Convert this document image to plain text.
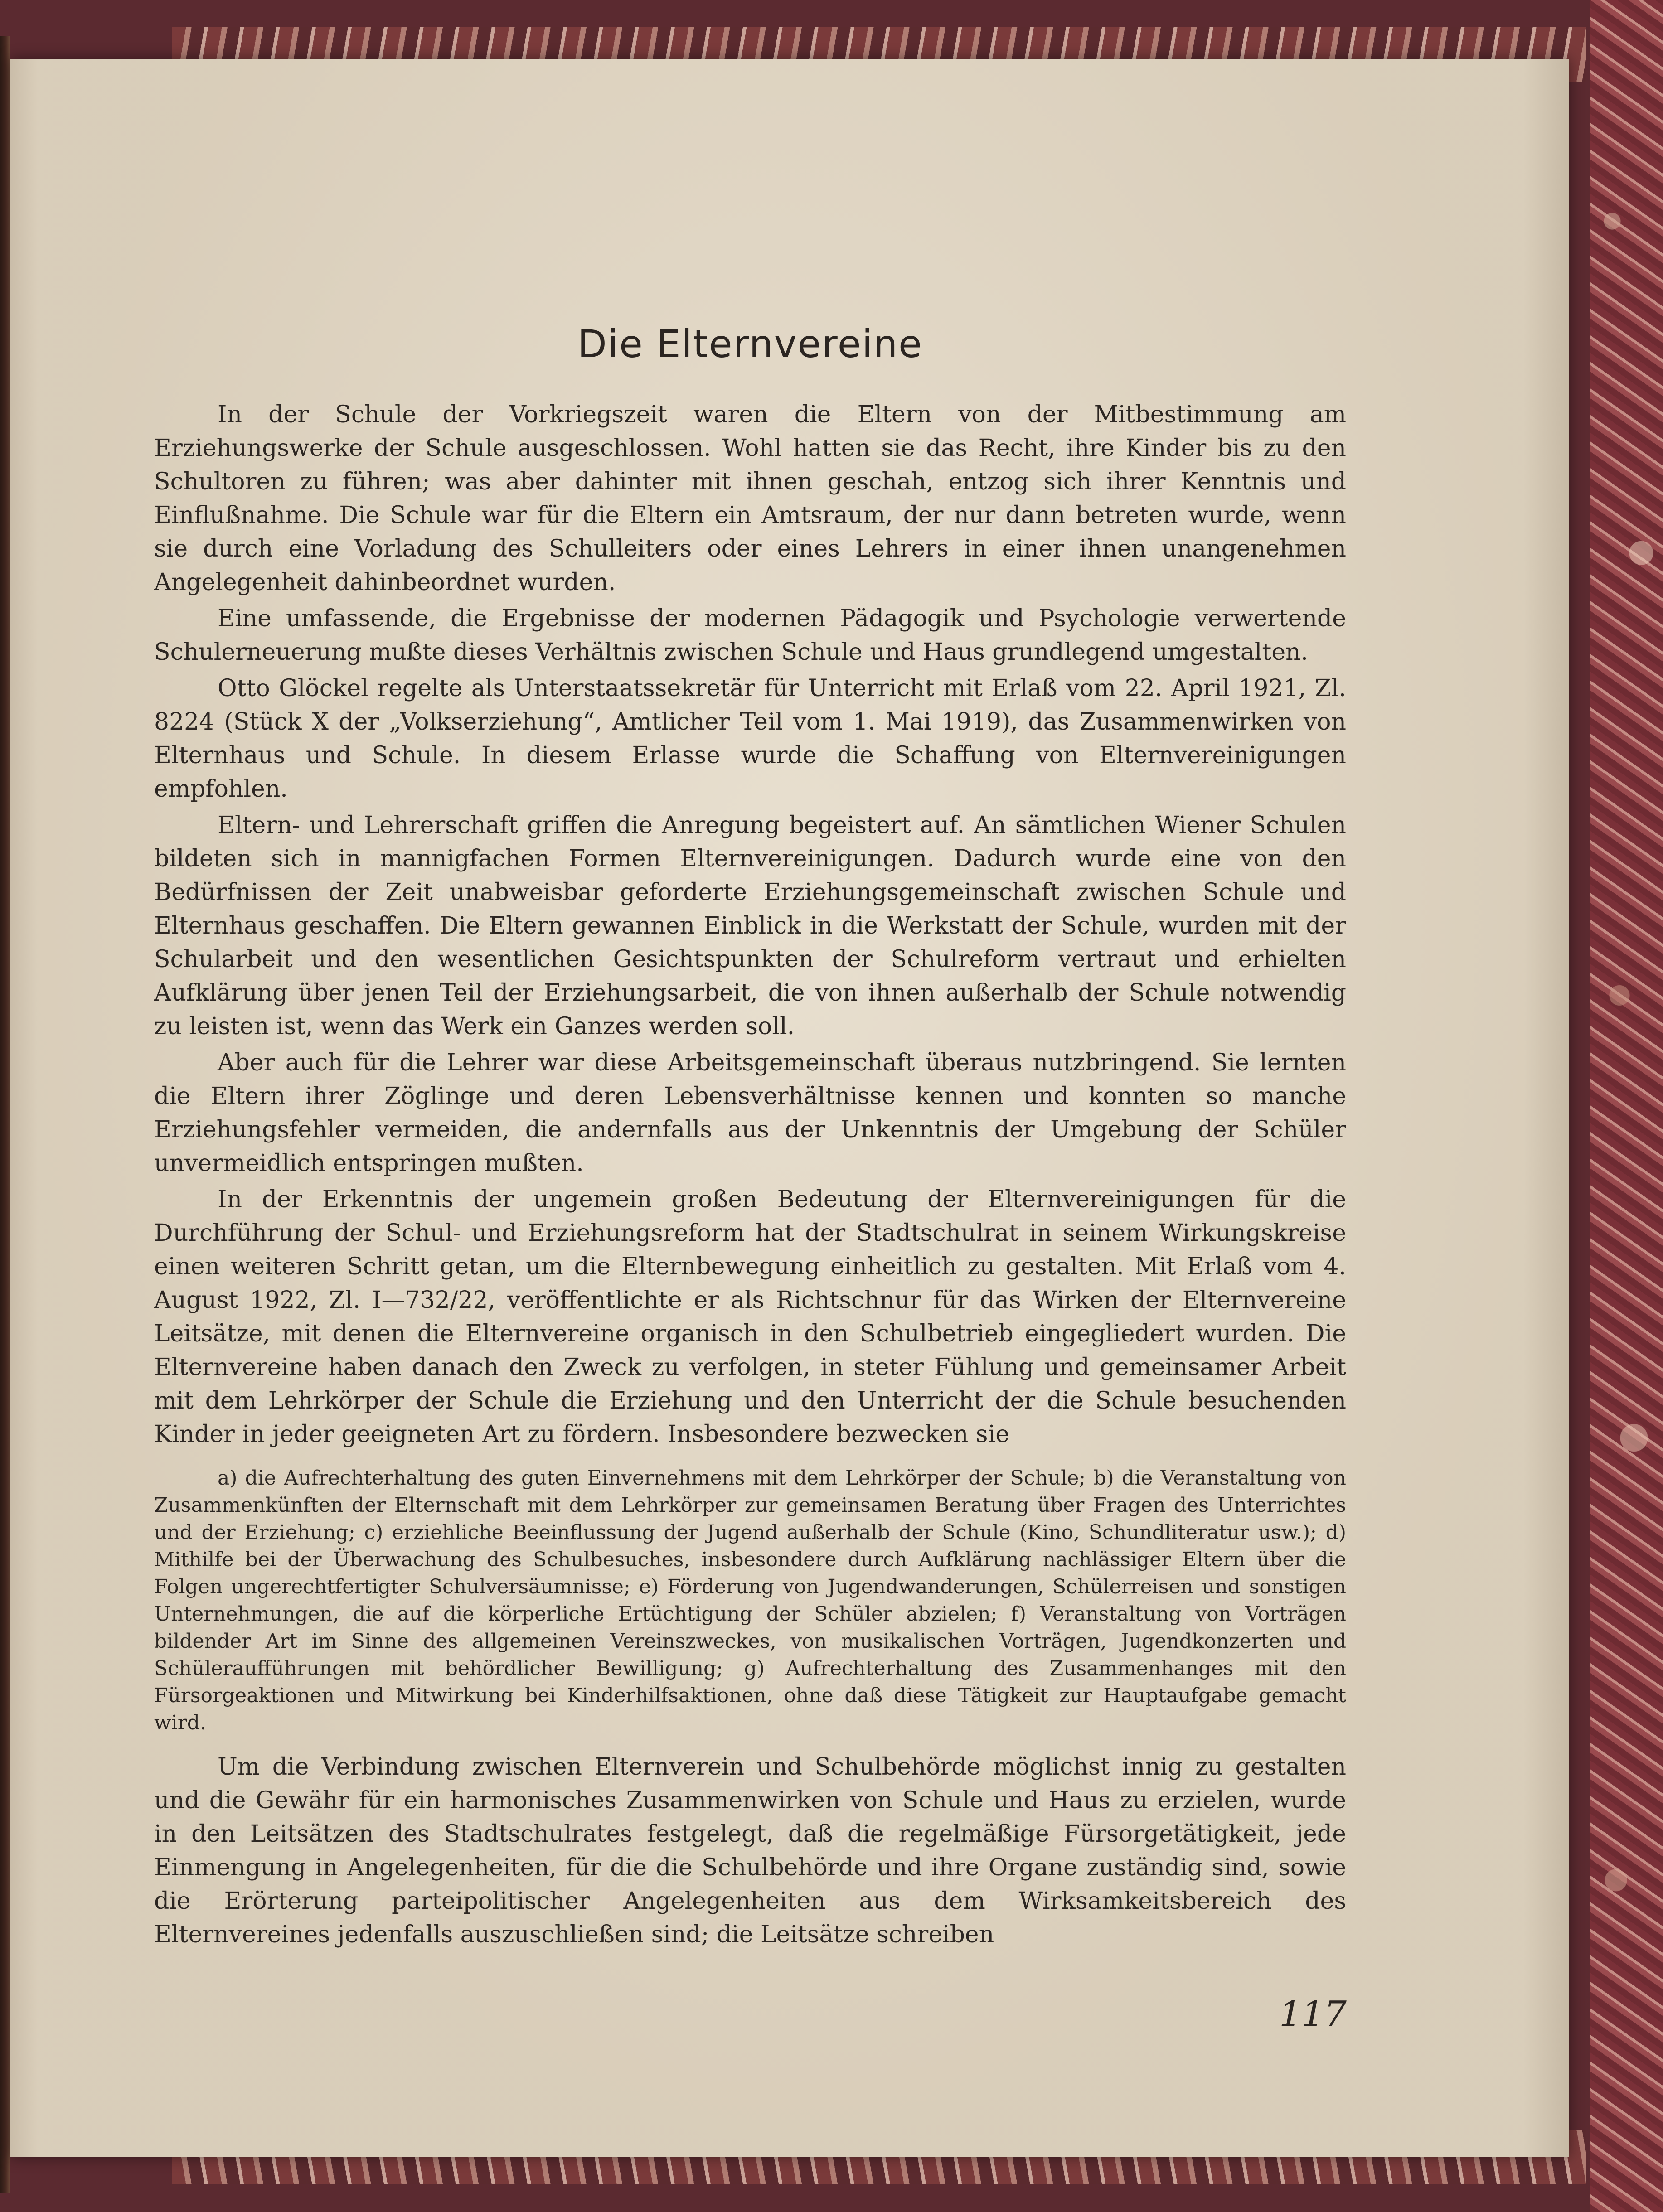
Die Elternvereine

In der Schule der Vorkriegszeit waren die Eltern von der Mitbestimmung am Erziehungswerke der Schule ausgeschlossen. Wohl hatten sie das Recht, ihre Kinder bis zu den Schultoren zu führen; was aber dahinter mit ihnen geschah, entzog sich ihrer Kenntnis und Einflußnahme. Die Schule war für die Eltern ein Amtsraum, der nur dann betreten wurde, wenn sie durch eine Vorladung des Schulleiters oder eines Lehrers in einer ihnen unangenehmen Angelegenheit dahinbeordnet wurden.

Eine umfassende, die Ergebnisse der modernen Pädagogik und Psychologie verwertende Schulerneuerung mußte dieses Verhältnis zwischen Schule und Haus grundlegend umgestalten.

Otto Glöckel regelte als Unterstaatssekretär für Unterricht mit Erlaß vom 22. April 1921, Zl. 8224 (Stück X der „Volkserziehung“, Amtlicher Teil vom 1. Mai 1919), das Zusammenwirken von Elternhaus und Schule. In diesem Erlasse wurde die Schaffung von Elternvereinigungen empfohlen.

Eltern- und Lehrerschaft griffen die Anregung begeistert auf. An sämtlichen Wiener Schulen bildeten sich in mannigfachen Formen Elternvereinigungen. Dadurch wurde eine von den Bedürfnissen der Zeit unabweisbar geforderte Erziehungsgemeinschaft zwischen Schule und Elternhaus geschaffen. Die Eltern gewannen Einblick in die Werkstatt der Schule, wurden mit der Schularbeit und den wesentlichen Gesichtspunkten der Schulreform vertraut und erhielten Aufklärung über jenen Teil der Erziehungsarbeit, die von ihnen außerhalb der Schule notwendig zu leisten ist, wenn das Werk ein Ganzes werden soll.

Aber auch für die Lehrer war diese Arbeitsgemeinschaft überaus nutzbringend. Sie lernten die Eltern ihrer Zöglinge und deren Lebensverhältnisse kennen und konnten so manche Erziehungsfehler vermeiden, die andernfalls aus der Unkenntnis der Umgebung der Schüler unvermeidlich entspringen mußten.

In der Erkenntnis der ungemein großen Bedeutung der Elternvereinigungen für die Durchführung der Schul- und Erziehungsreform hat der Stadtschulrat in seinem Wirkungskreise einen weiteren Schritt getan, um die Elternbewegung einheitlich zu gestalten. Mit Erlaß vom 4. August 1922, Zl. I—732/22, veröffentlichte er als Richtschnur für das Wirken der Elternvereine Leitsätze, mit denen die Elternvereine organisch in den Schulbetrieb eingegliedert wurden. Die Elternvereine haben danach den Zweck zu verfolgen, in steter Fühlung und gemeinsamer Arbeit mit dem Lehrkörper der Schule die Erziehung und den Unterricht der die Schule besuchenden Kinder in jeder geeigneten Art zu fördern. Insbesondere bezwecken sie

a) die Aufrechterhaltung des guten Einvernehmens mit dem Lehrkörper der Schule; b) die Veranstaltung von Zusammenkünften der Elternschaft mit dem Lehrkörper zur gemeinsamen Beratung über Fragen des Unterrichtes und der Erziehung; c) erziehliche Beeinflussung der Jugend außerhalb der Schule (Kino, Schundliteratur usw.); d) Mithilfe bei der Überwachung des Schulbesuches, insbesondere durch Aufklärung nachlässiger Eltern über die Folgen ungerechtfertigter Schulversäumnisse; e) Förderung von Jugendwanderungen, Schülerreisen und sonstigen Unternehmungen, die auf die körperliche Ertüchtigung der Schüler abzielen; f) Veranstaltung von Vorträgen bildender Art im Sinne des allgemeinen Vereinszweckes, von musikalischen Vorträgen, Jugendkonzerten und Schüleraufführungen mit behördlicher Bewilligung; g) Aufrechterhaltung des Zusammenhanges mit den Fürsorgeaktionen und Mitwirkung bei Kinderhilfsaktionen, ohne daß diese Tätigkeit zur Hauptaufgabe gemacht wird.

Um die Verbindung zwischen Elternverein und Schulbehörde möglichst innig zu gestalten und die Gewähr für ein harmonisches Zusammenwirken von Schule und Haus zu erzielen, wurde in den Leitsätzen des Stadtschulrates festgelegt, daß die regelmäßige Fürsorgetätigkeit, jede Einmengung in Angelegenheiten, für die die Schulbehörde und ihre Organe zuständig sind, sowie die Erörterung parteipolitischer Angelegenheiten aus dem Wirksamkeitsbereich des Elternvereines jedenfalls auszuschließen sind; die Leitsätze schreiben

117
